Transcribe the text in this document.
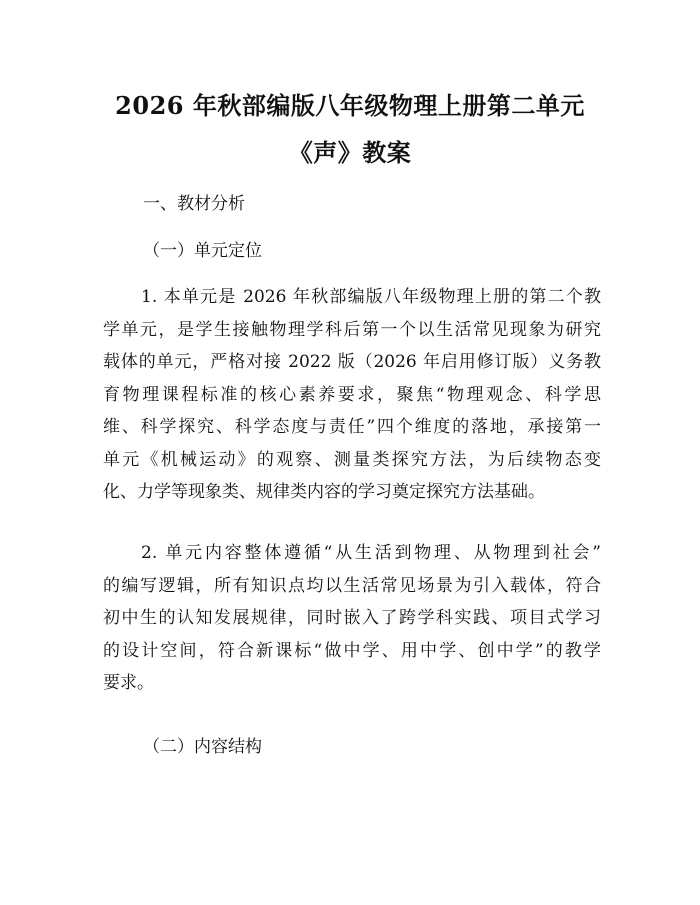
2026 年秋部编版八年级物理上册第二单元
《声》教案
一、教材分析
（一）单元定位
1. 本单元是 2026 年秋部编版八年级物理上册的第二个教
学单元，是学生接触物理学科后第一个以生活常见现象为研究
载体的单元，严格对接 2022 版（2026 年启用修订版）义务教
育物理课程标准的核心素养要求，聚焦“物理观念、科学思
维、科学探究、科学态度与责任”四个维度的落地，承接第一
单元《机械运动》的观察、测量类探究方法，为后续物态变
化、力学等现象类、规律类内容的学习奠定探究方法基础。
2. 单元内容整体遵循“从生活到物理、从物理到社会”
的编写逻辑，所有知识点均以生活常见场景为引入载体，符合
初中生的认知发展规律，同时嵌入了跨学科实践、项目式学习
的设计空间，符合新课标“做中学、用中学、创中学”的教学
要求。
（二）内容结构
